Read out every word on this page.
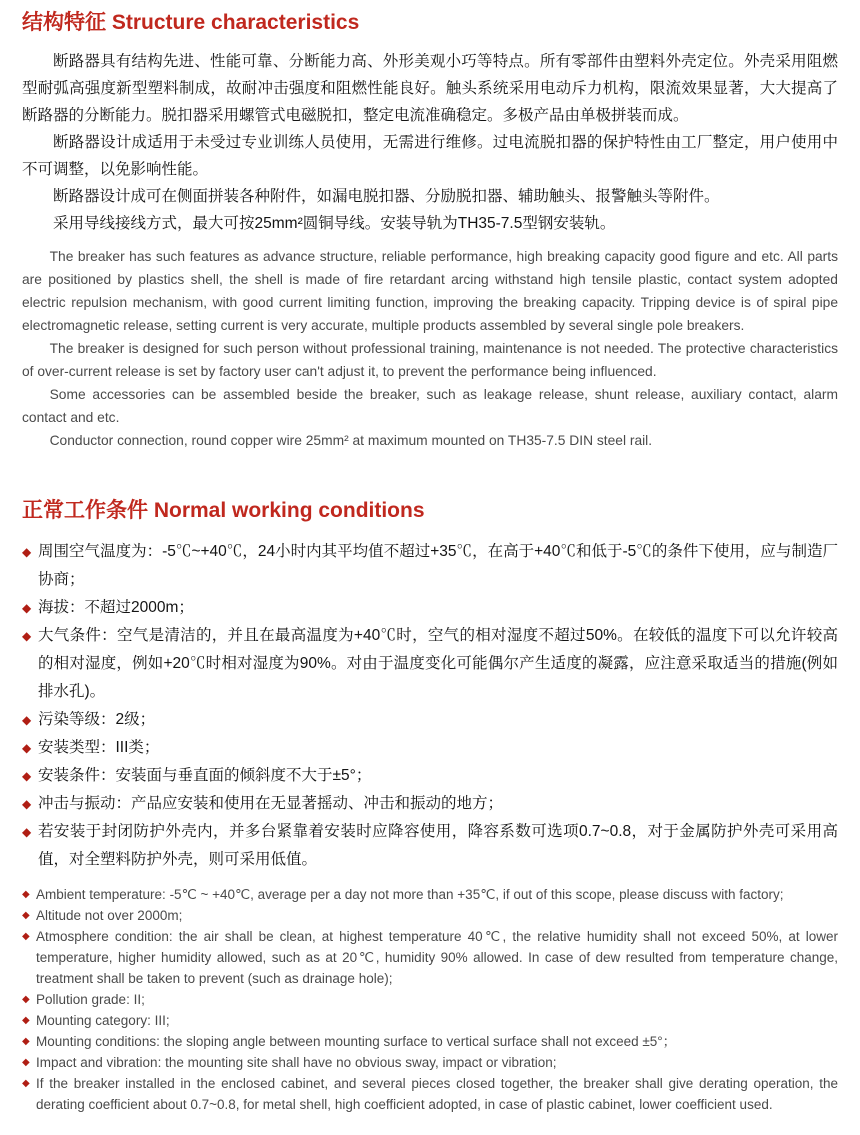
结构特征 Structure characteristics

断路器具有结构先进、性能可靠、分断能力高、外形美观小巧等特点。所有零部件由塑料外壳定位。外壳采用阻燃型耐弧高强度新型塑料制成，故耐冲击强度和阻燃性能良好。触头系统采用电动斥力机构，限流效果显著，大大提高了断路器的分断能力。脱扣器采用螺管式电磁脱扣，整定电流准确稳定。多极产品由单极拼装而成。

断路器设计成适用于未受过专业训练人员使用，无需进行维修。过电流脱扣器的保护特性由工厂整定，用户使用中不可调整，以免影响性能。

断路器设计成可在侧面拼装各种附件，如漏电脱扣器、分励脱扣器、辅助触头、报警触头等附件。

采用导线接线方式，最大可按25mm²圆铜导线。安装导轨为TH35-7.5型钢安装轨。

The breaker has such features as advance structure, reliable performance, high breaking capacity good figure and etc. All parts are positioned by plastics shell, the shell is made of fire retardant arcing withstand high tensile plastic, contact system adopted electric repulsion mechanism, with good current limiting function, improving the breaking capacity. Tripping device is of spiral pipe electromagnetic release, setting current is very accurate, multiple products assembled by several single pole breakers.

The breaker is designed for such person without professional training, maintenance is not needed. The protective characteristics of over-current release is set by factory user can't adjust it, to prevent the performance being influenced.

Some accessories can be assembled beside the breaker, such as leakage release, shunt release, auxiliary contact, alarm contact and etc.

Conductor connection, round copper wire 25mm² at maximum mounted on TH35-7.5 DIN steel rail.

正常工作条件 Normal working conditions
◆ 周围空气温度为：-5℃~+40℃，24小时内其平均值不超过+35℃，在高于+40℃和低于-5℃的条件下使用，应与制造厂协商；
◆ 海拔：不超过2000m；
◆ 大气条件：空气是清洁的，并且在最高温度为+40℃时，空气的相对湿度不超过50%。在较低的温度下可以允许较高的相对湿度，例如+20℃时相对湿度为90%。对由于温度变化可能偶尔产生适度的凝露，应注意采取适当的措施(例如排水孔)。
◆ 污染等级：2级；
◆ 安装类型：III类；
◆ 安装条件：安装面与垂直面的倾斜度不大于±5°；
◆ 冲击与振动：产品应安装和使用在无显著摇动、冲击和振动的地方；
◆ 若安装于封闭防护外壳内，并多台紧靠着安装时应降容使用，降容系数可选项0.7~0.8，对于金属防护外壳可采用高值，对全塑料防护外壳，则可采用低值。
◆ Ambient temperature: -5℃ ~ +40℃, average per a day not more than +35℃, if out of this scope, please discuss with factory;
◆ Altitude not over 2000m;
◆ Atmosphere condition: the air shall be clean, at highest temperature 40℃, the relative humidity shall not exceed 50%, at lower temperature, higher humidity allowed, such as at 20℃, humidity 90% allowed. In case of dew resulted from temperature change, treatment shall be taken to prevent (such as drainage hole);
◆ Pollution grade: II;
◆ Mounting category: III;
◆ Mounting conditions: the sloping angle between mounting surface to vertical surface shall not exceed ±5°；
◆ Impact and vibration: the mounting site shall have no obvious sway, impact or vibration;
◆ If the breaker installed in the enclosed cabinet, and several pieces closed together, the breaker shall give derating operation, the derating coefficient about 0.7~0.8, for metal shell, high coefficient adopted, in case of plastic cabinet, lower coefficient used.
